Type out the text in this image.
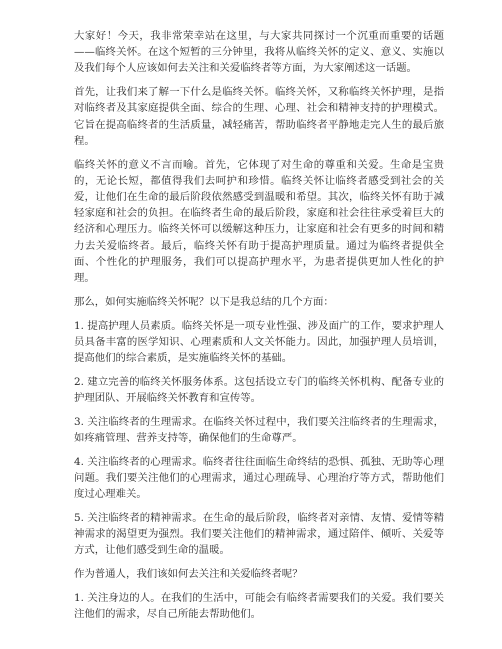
大家好！今天，我非常荣幸站在这里，与大家共同探讨一个沉重而重要的话题——临终关怀。在这个短暂的三分钟里，我将从临终关怀的定义、意义、实施以及我们每个人应该如何去关注和关爱临终者等方面，为大家阐述这一话题。

首先，让我们来了解一下什么是临终关怀。临终关怀，又称临终关怀护理，是指对临终者及其家庭提供全面、综合的生理、心理、社会和精神支持的护理模式。它旨在提高临终者的生活质量，减轻痛苦，帮助临终者平静地走完人生的最后旅程。

临终关怀的意义不言而喻。首先，它体现了对生命的尊重和关爱。生命是宝贵的，无论长短，都值得我们去呵护和珍惜。临终关怀让临终者感受到社会的关爱，让他们在生命的最后阶段依然感受到温暖和希望。其次，临终关怀有助于减轻家庭和社会的负担。在临终者生命的最后阶段，家庭和社会往往承受着巨大的经济和心理压力。临终关怀可以缓解这种压力，让家庭和社会有更多的时间和精力去关爱临终者。最后，临终关怀有助于提高护理质量。通过为临终者提供全面、个性化的护理服务，我们可以提高护理水平，为患者提供更加人性化的护理。

那么，如何实施临终关怀呢？以下是我总结的几个方面：

1. 提高护理人员素质。临终关怀是一项专业性强、涉及面广的工作，要求护理人员具备丰富的医学知识、心理素质和人文关怀能力。因此，加强护理人员培训，提高他们的综合素质，是实施临终关怀的基础。

2. 建立完善的临终关怀服务体系。这包括设立专门的临终关怀机构、配备专业的护理团队、开展临终关怀教育和宣传等。

3. 关注临终者的生理需求。在临终关怀过程中，我们要关注临终者的生理需求，如疼痛管理、营养支持等，确保他们的生命尊严。

4. 关注临终者的心理需求。临终者往往面临生命终结的恐惧、孤独、无助等心理问题。我们要关注他们的心理需求，通过心理疏导、心理治疗等方式，帮助他们度过心理难关。

5. 关注临终者的精神需求。在生命的最后阶段，临终者对亲情、友情、爱情等精神需求的渴望更为强烈。我们要关注他们的精神需求，通过陪伴、倾听、关爱等方式，让他们感受到生命的温暖。

作为普通人，我们该如何去关注和关爱临终者呢？

1. 关注身边的人。在我们的生活中，可能会有临终者需要我们的关爱。我们要关注他们的需求，尽自己所能去帮助他们。
